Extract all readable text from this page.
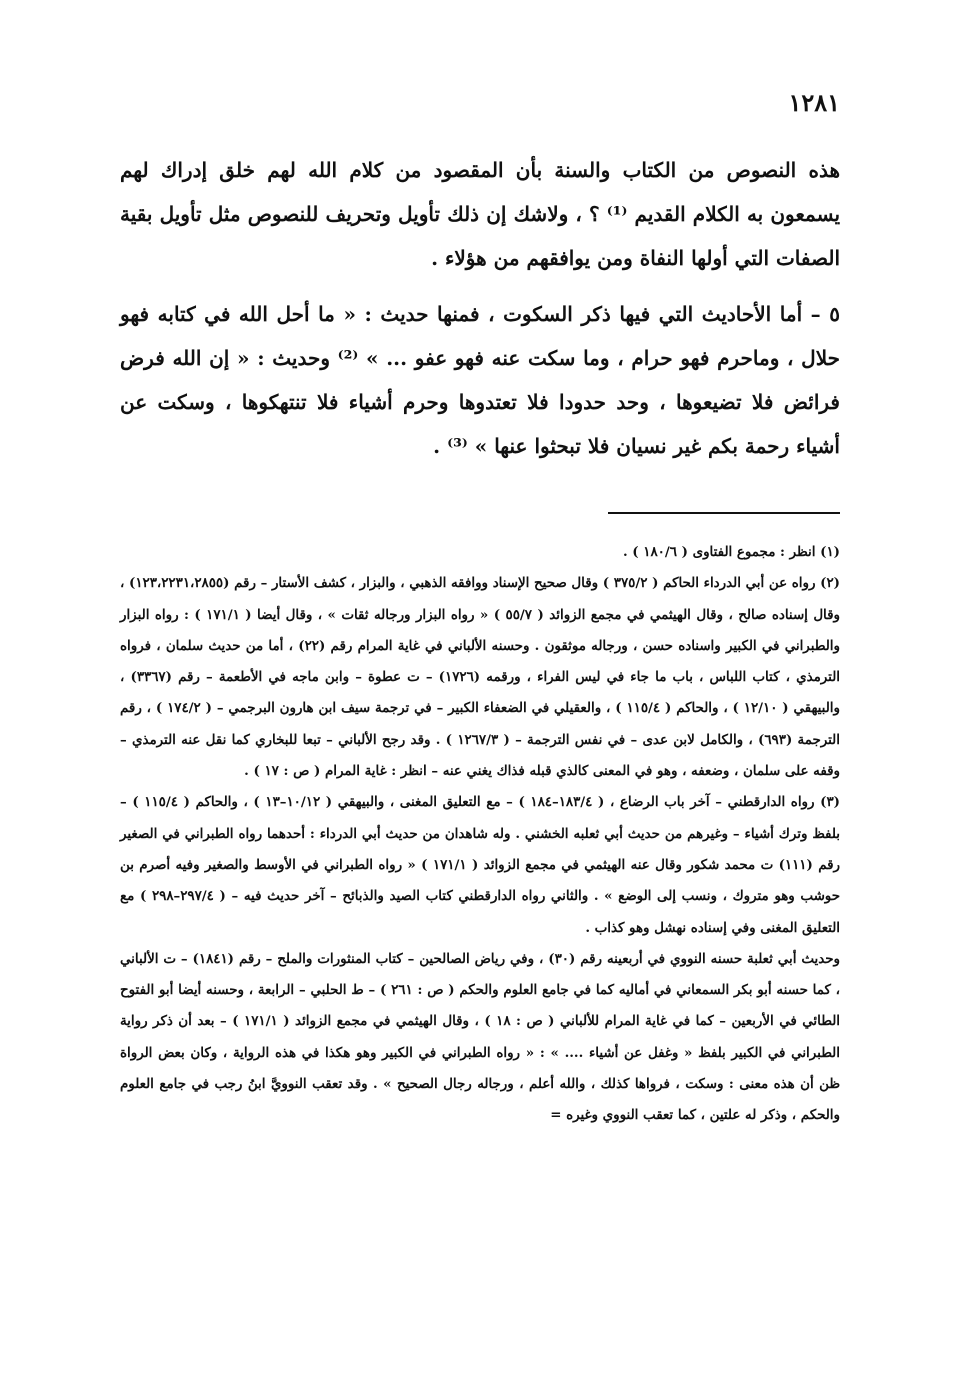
١٢٨١

هذه النصوص من الكتاب والسنة بأن المقصود من كلام الله لهم خلق إدراك لهم يسمعون به الكلام القديم ⁽¹⁾ ؟ ، ولاشك إن ذلك تأويل وتحريف للنصوص مثل تأويل بقية الصفات التي أولها النفاة ومن يوافقهم من هؤلاء .

٥ – أما الأحاديث التي فيها ذكر السكوت ، فمنها حديث : « ما أحل الله في كتابه فهو حلال ، وماحرم فهو حرام ، وما سكت عنه فهو عفو ... » ⁽²⁾ وحديث : « إن الله فرض فرائض فلا تضيعوها ، وحد حدودا فلا تعتدوها وحرم أشياء فلا تنتهكوها ، وسكت عن أشياء رحمة بكم غير نسيان فلا تبحثوا عنها » ⁽³⁾ .

(١) انظر : مجموع الفتاوى ( ١٨٠/٦ ) .

(٢) رواه عن أبي الدرداء الحاكم ( ٣٧٥/٢ ) وقال صحيح الإسناد ووافقه الذهبي ، والبزار ، كشف الأستار – رقم (١٢٣،٢٢٣١،٢٨٥٥) ، وقال إسناده صالح ، وقال الهيثمي في مجمع الزوائد ( ٥٥/٧ ) « رواه البزار ورجاله ثقات » ، وقال أيضا ( ١٧١/١ ) : رواه البزار والطبراني في الكبير واسناده حسن ، ورجاله موثقون . وحسنه الألباني في غاية المرام رقم (٢٢) ، أما من حديث سلمان ، فرواه الترمذي ، كتاب اللباس ، باب ما جاء في ليس الفراء ، ورقمه (١٧٢٦) – ت عطوة – وابن ماجه في الأطعمة – رقم (٣٣٦٧) ، والبيهقي ( ١٢/١٠ ) ، والحاكم ( ١١٥/٤ ) ، والعقيلي في الضعفاء الكبير – في ترجمة سيف ابن هارون البرجمي – ( ١٧٤/٢ ) ، رقم الترجمة (٦٩٣) ، والكامل لابن عدى – في نفس الترجمة – ( ١٢٦٧/٣ ) . وقد رجح الألباني – تبعا للبخاري كما نقل عنه الترمذي – وقفه على سلمان ، وضعفه ، وهو في المعنى كالذي قبله فذاك يغني عنه – انظر : غاية المرام ( ص : ١٧ ) .

(٣) رواه الدارقطني – آخر باب الرضاع ، ( ١٨٣/٤–١٨٤ ) – مع التعليق المغنى ، والبيهقي ( ١٠/١٢–١٣ ) ، والحاكم ( ١١٥/٤ ) – بلفظ وترك أشياء – وغيرهم من حديث أبي ثعلبه الخشني . وله شاهدان من حديث أبي الدرداء : أحدهما رواه الطبراني في الصغير رقم (١١١) ت محمد شكور وقال عنه الهيثمي في مجمع الزوائد ( ١٧١/١ ) « رواه الطبراني في الأوسط والصغير وفيه أصرم بن حوشب وهو متروك ، ونسب إلى الوضع » . والثاني رواه الدارقطني كتاب الصيد والذبائح – آخر حديث فيه – ( ٢٩٧/٤–٢٩٨ ) مع التعليق المغنى وفي إسناده نهشل وهو كذاب .

وحديث أبي ثعلبة حسنه النووي في أربعينه رقم (٣٠) ، وفي رياض الصالحين – كتاب المنثورات والملح – رقم (١٨٤١) – ت الألباني ، كما حسنه أبو بكر السمعاني في أماليه كما في جامع العلوم والحكم ( ص : ٢٦١ ) – ط الحلبي – الرابعة ، وحسنه أيضا أبو الفتوح الطائي في الأربعين – كما في غاية المرام للألباني ( ص : ١٨ ) ، وقال الهيثمي في مجمع الزوائد ( ١٧١/١ ) – بعد أن ذكر رواية الطبراني في الكبير بلفظ « وغفل عن أشياء .... » : « رواه الطبراني في الكبير وهو هكذا في هذه الرواية ، وكان بعض الرواة ظن أن هذه معنى : وسكت ، فرواها كذلك ، والله أعلم ، ورجاله رجال الصحيح » . وقد تعقب النوويَّ ابنُ رجب في جامع العلوم والحكم ، وذكر له علتين ، كما تعقب النووي وغيره =
